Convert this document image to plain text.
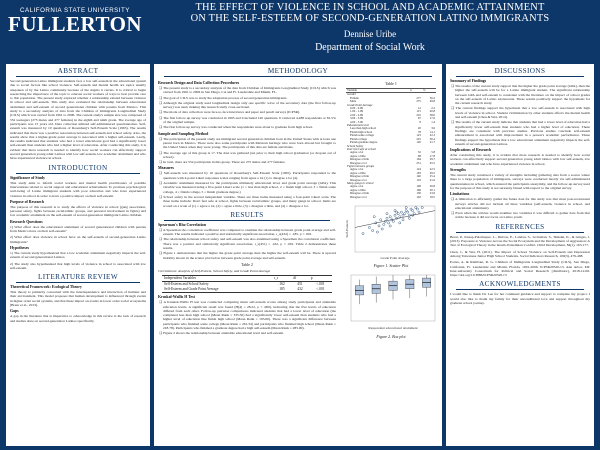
CALIFORNIA STATE UNIVERSITY
FULLERTON
THE EFFECT OF VIOLENCE IN SCHOOL AND ACADEMIC ATTAINMENT
ON THE SELF-ESTEEM OF SECOND-GENERATION LATINO IMMIGRANTS
Dennise Uribe
Department of Social Work
ABSTRACT
Second generation Latino immigrant students face a low self-esteem in the educational system due to social factors like school violence. Self-esteem and mental health are topics usually unspoken of by the Latino community because of the stigma it carries. It is critical to begin researching the importance of the topic to educate social workers of ways to best provide care to this population. The present study explored whether a relationship existed between violence in school and self-esteem. This study also evaluated the relationship between educational attainment and self-esteem of second generational children with parents from Mexico. This study is a secondary analysis of data from the Children of Immigrants Longitudinal Study (CILS) which was carried from 1991 to 2006. The current study's sample size was composed of 552 teenagers (275 males and 277 females) in the eighth and ninth grade. The average age of participants was 15 years old. Data collection utilized self-administered questionnaires. Self-esteem was measured by 10 questions of Rosenberg's Self-Esteem Scale (1965). The results indicated that there was a positive association between self-esteem and school safety. Also, the results show that a higher-grade point average is associated with a higher self-esteem. Lastly, the results indicated that students who had a lower educational goal had a significantly lower self-esteem than students who had a higher level of education. After conducting this study, it is evident that more research is needed to identify how social workers can effectively support second generation young adult Latinos with low self-esteem, low academic attainment and who have experienced violence in school.
INTRODUCTION
Significance of Study
This study aims to inform social workers and mental health practitioners of possible interventions related to social support and educational achievement. To promote psychological well-being of Latino immigrant students with poor education and who have experienced violence in school in order to have a positive impact on their self-esteem.
Purpose of Research
The purpose of this research is to study the effects of violence in school (gang association, personal safety, fights between racial/ethnic groups, and personal involvement in fights) and low academic attainment on the self-esteem of second-generation immigrant Latino children.
Research Questions
1) What effect does the educational attainment of second generational children with parents from Mexico have on their self-esteem?
2) What effect does violence in school have on the self-esteem of second-generation Latino immigrants?
Hypotheses
1) The current study hypothesized that a low academic attainment negatively impacts the self-esteem of second generational Latinos.
2) The study also hypothesized that high levels of violence in school is associated with low self-esteem.
LITERATURE REVIEW
Theoretical Framework: Ecological Theory
This theory is primarily concerned with the interdependence and interaction of humans and their environment. This model proposes that human development is influenced through events in higher order social systems, and that these impact on events in lower order social ecosystems (Breur et al., 2013).
Gaps
A gap in the literature that is imperative to acknowledge in this review is the lack of research and studies done on second-generation Latinos specifically.
METHODOLOGY
Research Design and Data Collection Procedures
❑ The present study is a secondary analysis of the data from Children of Immigrants Longitudinal Study (CILS) which was carried from 1991 to 2006 in San Diego, CA and Ft. Lauderdale and Miami, FL.
❑ The goal of CILS was to study the adaptation process of second generation immigrants.
❑ Although the original study used longitudinal design only one specific wave of the secondary data (the first follow-up survey) was used, making this research study cross-sectional.
❑ The mode of data collection were face-to-face interviews and paper and pencil surveys (ICPSR).
❑ The first follow-up survey was conducted in 1995 and it included 120 questions. It retrieved 4,288 respondents or 81.5% of the original sample.
❑ The first follow-up survey was conducted when the respondents were about to graduate from high school.
Sample and Sampling Method
❑ The participants of the present study are immigrant second generation children born in the United States with at least one parent born in Mexico. There were also some participants with Mexican heritage who were born abroad but brought to the United States when they were young. The participants of this data are female and males.
❑ The average age of this group is 17. The data was gathered just prior to their high school graduation (or dropout out of school).
❑ In total, there are 552 participants in this group. There are 275 males and 277 females.
Measures
❑ Self-esteem was measured by 10 questions of Rosenberg's Self-Esteem Scale (1965). Participants responded to the questions with 4-point Likert responses scales ranging from agree a lot (1) to disagree a lot (4).
❑ Academic attainment measured for the participants ultimately educational level, and grade point average (GPA). This variable was measured using a five-point Likert scale (1 = less than high school, 2 = finish high school, 3 = finish some college, 4 = finish college, 5 = finish graduate degree.)
❑ School safety in the second independent variable. There are three items measured using a four-point Likert scale. The three items include: Don't feel safe at school, fights between racial/ethnic groups, and many gangs in school. Items are scored on a scale of (1) = agree a lot, (2) = agree a little, (3) = disagree a little, and (4) = disagree a lot.
RESULTS
Spearman's Rho Correlation
❑ A Spearman rho correlation coefficient was computed to examine the relationship between grade point average and self-esteem. The results indicated a positive and statistically significant association, r_s(432) = .185, p < .001.
❑ The relationship between school safety and self-esteem was also examined using a Spearman rho correlation coefficient. There was a positive and statistically significant association, r_s(451) = .162, p < .001. Table 2 demonstrates these results.
❑ Figure 1 demonstrates that the higher the grade point average then the higher the self-esteem will be. There is upward mobility shown in the scatter plot below between grade point average and self-esteem.
Table 2
Correlations: Analysis of Self-Esteem, School Safety, and Grade Point Average
Independent Variables	r_s	df	p
Self-Esteem and School Safety	.162	451	<.001
Self-Esteem and Grade Point Average	.185	432	<.001
Kruskal-Wallis H Test
❑ A Kruskal-Wallis H test was conducted comparing mean self-esteem scores among study participants and attainable education levels. A significant result was found (H(4) = 28.22, p < .000), indicating that the five levels of education differed from each other. Follow-up pairwise comparisons indicated students that had a lower level of education (the completed less than high school (Mean Rank = 335.50) had a significantly lower self-esteem than students who had a higher level of education like finish high school (Mean Rank = 195.00). There was a significant difference between participants who finished some college (Mean Rank = 261.34) and participants who finished high school (Mean Rank = 218.78). Participants who finished a graduate degree had a high self-esteem (Mean Rank = 285.00).
❑ Figure 2 shows the relationship between attainable educational level and self-esteem.
Table 1
Variable	n	%
Gender		
Female	277	50.2
Male	275	49.8
Grade Point Average		
0.00 - 0.99	12	2.2
1.00 - 1.99	115	20.8
2.00 - 2.99	210	38.0
3.00 - 3.99	97	17.6
4.00 - 5.00	8	1.4
Educational Level		
Less than high school	20	3.6
Finish high school	78	14.1
Finish some college	123	22.3
Finish college	201	36.4
Finish graduate degree	120	21.7
School Safety		
Don't feel safe at school		
Agree a lot	32	5.8
Agree a little	98	17.8
Disagree a little	164	29.7
Disagree a lot	251	45.5
Fights between groups		
Agree a lot	124	22.5
Agree a little	163	29.5
Disagree a little	140	25.4
Disagree a lot	119	21.6
Many gangs in school		
Agree a lot	148	26.8
Agree a little	166	30.1
Disagree a little	130	23.6
Disagree a lot	102	18.5
Grade Point Average
Self-Esteem
Figure 1. Scatter Plot
Respondent educational attainment
Figure 2. Box plot
DISCUSSIONS
Summary of Findings
❑ The results of the current study support that the higher the grade point average (GPA), then the higher the self-esteem will be for a Latino immigrant student. The significant relationship between GPA and self-esteem is consistent with the literature on the impact of school grades on the self-esteem of Latino adolescents. These results positively support the hypothesis for the current research study.
❑ The current findings support the hypothesis that a low self-esteem is associated with high levels of violence in school. Student victimization by other students affects the mental health and self-esteem (Chen & Wei, 2014).
❑ The results of the current study indicate that students that had a lower level of education had a significantly lower self-esteem than students who had a higher level of education. These findings are consistent with previous studies. Previous studies conclude self-esteem enhancement is associated with improvement in a person's academic performance. These findings support the hypothesis that a low educational attainment negatively impacts the self-esteem of second-generation Latinos.
Implications of Research
After conducting this study, it is evident that more research is needed to identify how social workers can effectively support second generation young adult latinos with low self-esteem, low academic attainment and who have experienced violence in school.
Strengths
The current study construed a variety of strengths including gathering data from a source where there is a large population of immigrants, surveys were conducted mostly via self-administered questionnaires in school, which ensured the participants anonymity, and the follow-up survey used for the purpose of this study is not seriously biased with respect to the original survey.
Limitations
❑ A limitation to efficiently gather the future data for this study was that most post-recessional surveys articles did not include all three variables (self-esteem, violence in school, and educational attainment).
❑ Even when the articles would examine two variables it was difficult to gather data from that article because it did not focus on Latino youth.
REFERENCES
Breur, P., Knaap-Palomeque, L., Dubow, E., Landau, S., Gvirsman, S., Shikaki, K., & Ginges, J. (2013). Exposure to Violence Across the Social Ecosystem and the Development of Aggression: A Test of Ecological Theory in the Israeli–Palestinian Conflict. Child Development, 84(1), 163-177.
Chen, J., & Wei, H. (2011). The Impact of School Violence on Self-Esteem and Depression Among Taiwanese Junior High School Students. Social Indicators Research, 100(3), 479-498.
Portes, A. & Rumbaut, R. G. Children of Immigrants Longitudinal Study (CILS), San Diego, California, Ft. Lauderdale and Miami, Florida, 1991-2006. ICPSR20520-v3. Ann Arbor, MI: Inter-university Consortium for Political and Social Research [distributor], 2018-12-06. https://doi.org/10.3886/ICPSR20520.v3
ACKNOWLEDGMENTS
I would like to thank Dr. Lee for her continued guidance and support to complete my project. I would also like to thank my family for their unconditional love and support throughout my graduate school journey.
